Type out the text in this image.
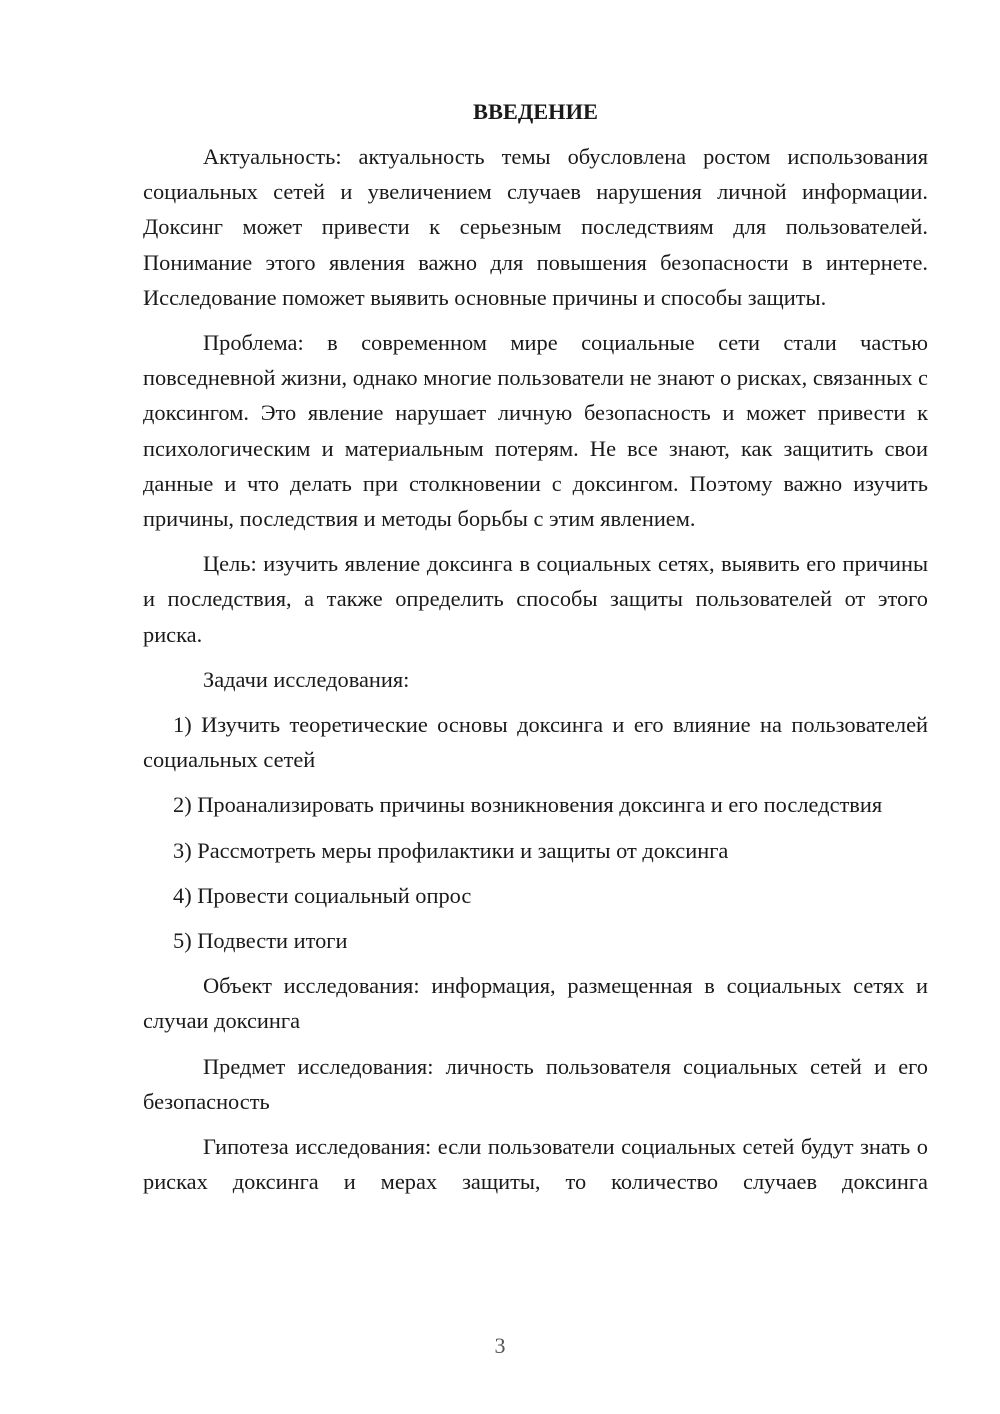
ВВЕДЕНИЕ

Актуальность: актуальность темы обусловлена ростом использования социальных сетей и увеличением случаев нарушения личной информации. Доксинг может привести к серьезным последствиям для пользователей. Понимание этого явления важно для повышения безопасности в интернете. Исследование поможет выявить основные причины и способы защиты.

Проблема: в современном мире социальные сети стали частью повседневной жизни, однако многие пользователи не знают о рисках, связанных с доксингом. Это явление нарушает личную безопасность и может привести к психологическим и материальным потерям. Не все знают, как защитить свои данные и что делать при столкновении с доксингом. Поэтому важно изучить причины, последствия и методы борьбы с этим явлением.

Цель: изучить явление доксинга в социальных сетях, выявить его причины и последствия, а также определить способы защиты пользователей от этого риска.

Задачи исследования:

1) Изучить теоретические основы доксинга и его влияние на пользователей социальных сетей

2) Проанализировать причины возникновения доксинга и его последствия

3) Рассмотреть меры профилактики и защиты от доксинга

4) Провести социальный опрос

5) Подвести итоги

Объект исследования: информация, размещенная в социальных сетях и случаи доксинга

Предмет исследования: личность пользователя социальных сетей и его безопасность

Гипотеза исследования: если пользователи социальных сетей будут знать о рисках доксинга и мерах защиты, то количество случаев доксинга

3
